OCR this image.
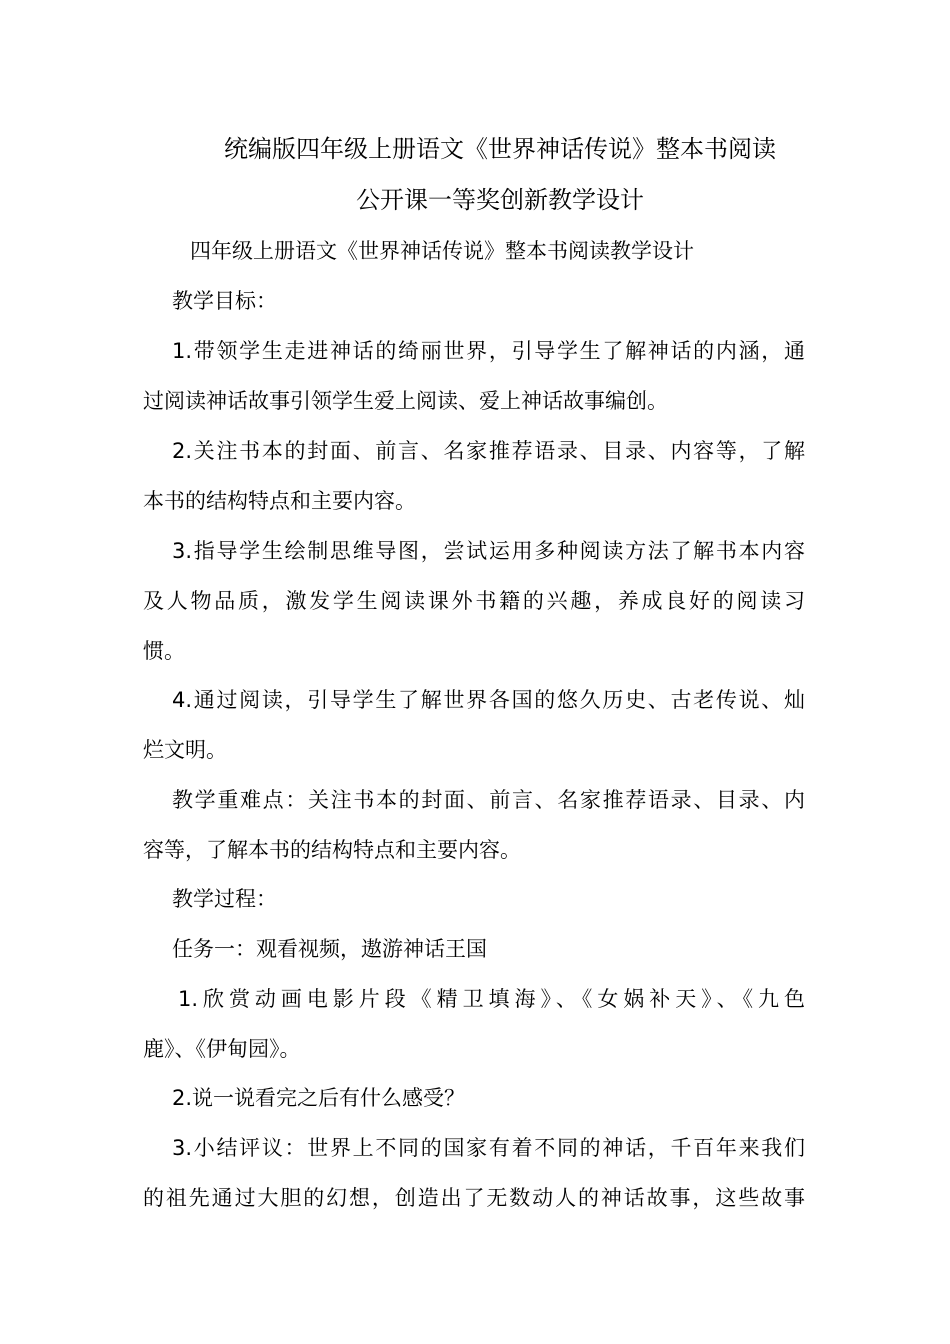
统编版四年级上册语文《世界神话传说》整本书阅读
公开课一等奖创新教学设计
四年级上册语文《世界神话传说》整本书阅读教学设计
教学目标：
1.带领学生走进神话的绮丽世界，引导学生了解神话的内涵，通
过阅读神话故事引领学生爱上阅读、爱上神话故事编创。
2.关注书本的封面、前言、名家推荐语录、目录、内容等，了解
本书的结构特点和主要内容。
3.指导学生绘制思维导图，尝试运用多种阅读方法了解书本内容
及人物品质，激发学生阅读课外书籍的兴趣，养成良好的阅读习
惯。
4.通过阅读，引导学生了解世界各国的悠久历史、古老传说、灿
烂文明。
教学重难点：关注书本的封面、前言、名家推荐语录、目录、内
容等，了解本书的结构特点和主要内容。
教学过程：
任务一：观看视频，遨游神话王国
1.欣赏动画电影片段《精卫填海》、《女娲补天》、《九色
鹿》、《伊甸园》。
2.说一说看完之后有什么感受？
3.小结评议：世界上不同的国家有着不同的神话，千百年来我们
的祖先通过大胆的幻想，创造出了无数动人的神话故事，这些故事
